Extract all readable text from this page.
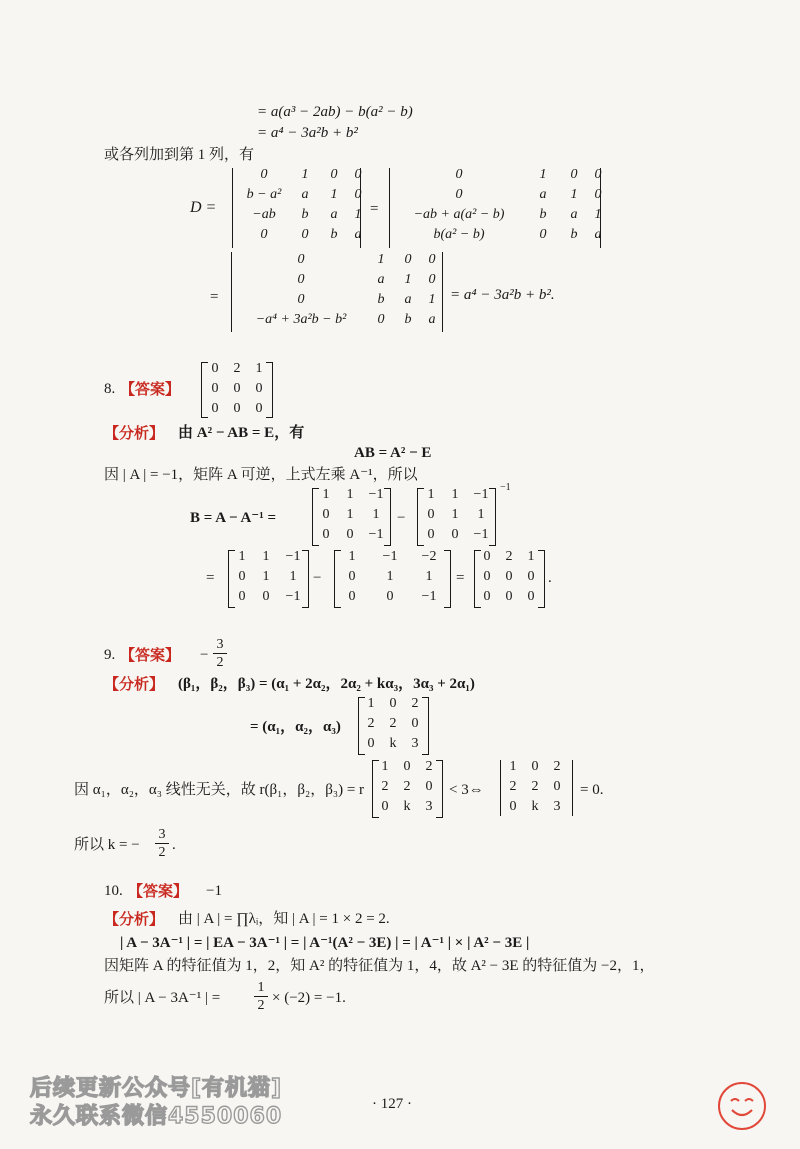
= a(a³ − 2ab) − b(a² − b)
= a⁴ − 3a²b + b²
或各列加到第 1 列，有
D =
0	1	0	0
b − a²	a	1	0
−ab	b	a	1
0	0	b	a
=
0	1	0	0
0	a	1	0
−ab + a(a² − b)	b	a	1
b(a² − b)	0	b	a
=
0	1	0	0
0	a	1	0
0	b	a	1
−a⁴ + 3a²b − b²	0	b	a
= a⁴ − 3a²b + b².
8. 【答案】
0	2	1
0	0	0
0	0	0
【分析】 由 A² − AB = E，有
AB = A² − E
因 | A | = −1，矩阵 A 可逆，上式左乘 A⁻¹，所以
B = A − A⁻¹ =
1	1	−1
0	1	1
0	0	−1
−
1	1	−1
0	1	1
0	0	−1
−1
=
1	1	−1
0	1	1
0	0	−1
−
1	−1	−2
0	1	1
0	0	−1
=
0	2	1
0	0	0
0	0	0
.
9. 【答案】 −
3
2
【分析】 (β₁，β₂，β₃) = (α₁ + 2α₂，2α₂ + kα₃，3α₃ + 2α₁)
= (α₁，α₂，α₃)
1	0	2
2	2	0
0	k	3
因 α₁，α₂，α₃ 线性无关，故 r(β₁，β₂，β₃) = r
1	0	2
2	2	0
0	k	3
< 3⇔
1	0	2
2	2	0
0	k	3
= 0.
所以 k = −
3
2 .
10. 【答案】 −1
【分析】 由 | A | = ∏λᵢ，知 | A | = 1 × 2 = 2.
| A − 3A⁻¹ | = | EA − 3A⁻¹ | = | A⁻¹(A² − 3E) | = | A⁻¹ | × | A² − 3E |
因矩阵 A 的特征值为 1，2，知 A² 的特征值为 1，4，故 A² − 3E 的特征值为 −2，1，
所以 | A − 3A⁻¹ | =
1
2 × (−2) = −1.
后续更新公众号[有机猫]
永久联系微信4550060	· 127 ·
